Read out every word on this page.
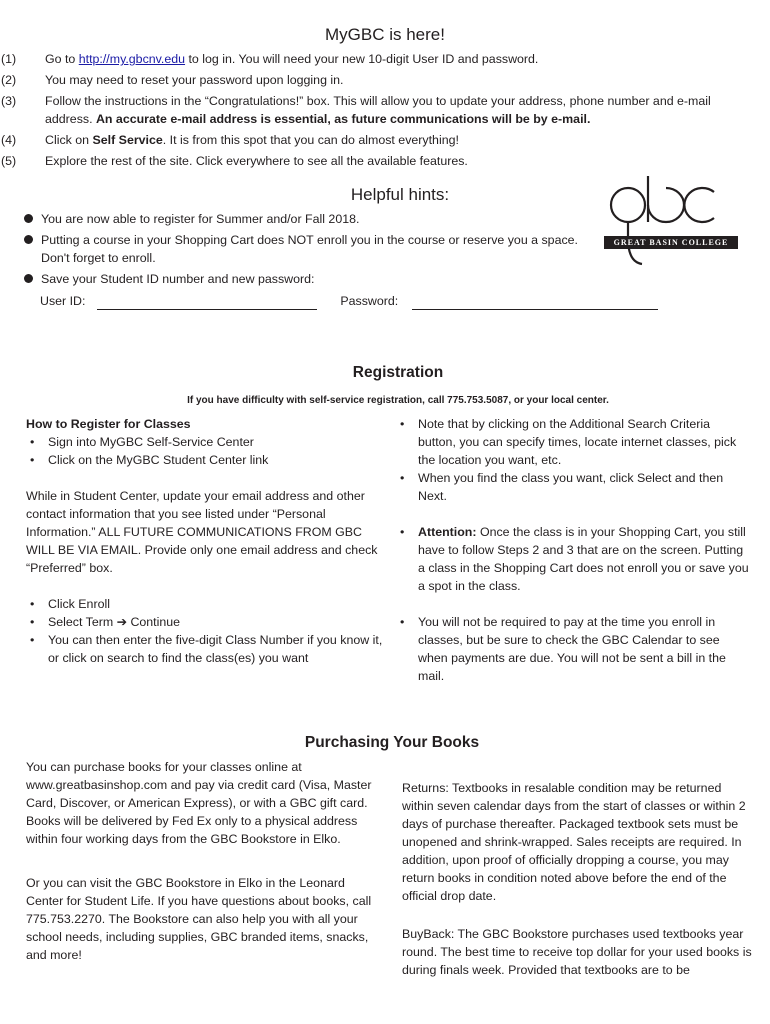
MyGBC is here!
(1) Go to http://my.gbcnv.edu to log in. You will need your new 10-digit User ID and password.
(2) You may need to reset your password upon logging in.
(3) Follow the instructions in the “Congratulations!” box. This will allow you to update your address, phone number and e-mail address. An accurate e-mail address is essential, as future communications will be by e-mail.
(4) Click on Self Service. It is from this spot that you can do almost everything!
(5) Explore the rest of the site. Click everywhere to see all the available features.
Helpful hints:
You are now able to register for Summer and/or Fall 2018.
Putting a course in your Shopping Cart does NOT enroll you in the course or reserve you a space. Don't forget to enroll.
Save your Student ID number and new password:
User ID:	Password:
GREAT BASIN COLLEGE
Registration
If you have difficulty with self-service registration, call 775.753.5087, or your local center.
How to Register for Classes
• Sign into MyGBC Self-Service Center
• Click on the MyGBC Student Center link

While in Student Center, update your email address and other contact information that you see listed under “Personal Information.” ALL FUTURE COMMUNICATIONS FROM GBC WILL BE VIA EMAIL. Provide only one email address and check “Preferred” box.

• Click Enroll
• Select Term ➔ Continue
• You can then enter the five-digit Class Number if you know it, or click on search to find the class(es) you want
• Note that by clicking on the Additional Search Criteria button, you can specify times, locate internet classes, pick the location you want, etc.
• When you find the class you want, click Select and then Next.
• Attention: Once the class is in your Shopping Cart, you still have to follow Steps 2 and 3 that are on the screen. Putting a class in the Shopping Cart does not enroll you or save you a spot in the class.
• You will not be required to pay at the time you enroll in classes, but be sure to check the GBC Calendar to see when payments are due. You will not be sent a bill in the mail.
Purchasing Your Books

You can purchase books for your classes online at www.greatbasinshop.com and pay via credit card (Visa, Master Card, Discover, or American Express), or with a GBC gift card. Books will be delivered by Fed Ex only to a physical address within four working days from the GBC Bookstore in Elko.

Or you can visit the GBC Bookstore in Elko in the Leonard Center for Student Life. If you have questions about books, call 775.753.2270. The Bookstore can also help you with all your school needs, including supplies, GBC branded items, snacks, and more!

Returns: Textbooks in resalable condition may be returned within seven calendar days from the start of classes or within 2 days of purchase thereafter. Packaged textbook sets must be unopened and shrink-wrapped. Sales receipts are required. In addition, upon proof of officially dropping a course, you may return books in condition noted above before the end of the official drop date.

BuyBack: The GBC Bookstore purchases used textbooks year round. The best time to receive top dollar for your used books is during finals week. Provided that textbooks are to be
